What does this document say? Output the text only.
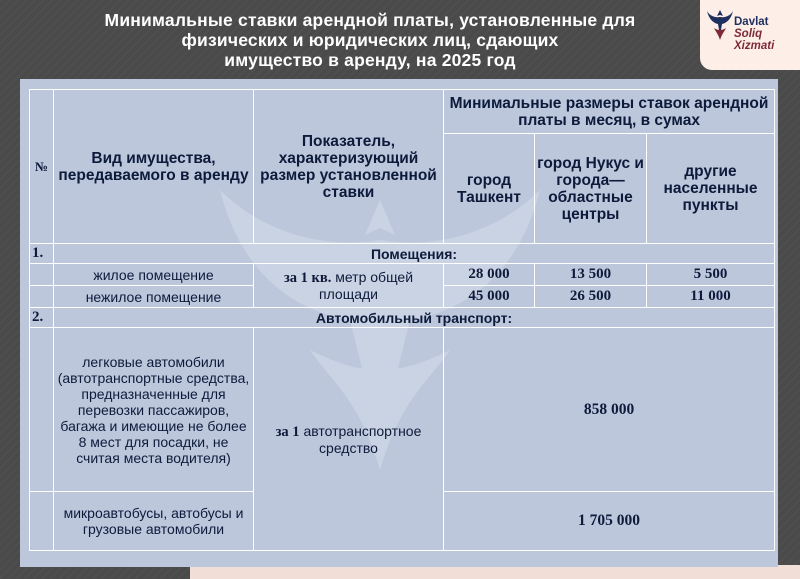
Минимальные ставки арендной платы, установленные для
физических и юридических лиц, сдающих
имущество в аренду, на 2025 год
Davlat
Soliq
Xizmati
№	Вид имущества, передаваемого в аренду	Показатель, характеризующий размер установленной ставки	Минимальные размеры ставок арендной платы в месяц, в сумах		
			город Ташкент	город Нукус и города—областные центры	другие населенные пункты
1.	Помещения:				
	жилое помещение	за 1 кв. метр общей площади	28 000	13 500	5 500
	нежилое помещение		45 000	26 500	11 000
2.	Автомобильный транспорт:				
	легковые автомобили (автотранспортные средства, предназначенные для перевозки пассажиров, багажа и имеющие не более 8 мест для посадки, не считая места водителя)	за 1 автотранспортное средство	858 000		
	микроавтобусы, автобусы и грузовые автомобили		1 705 000		
